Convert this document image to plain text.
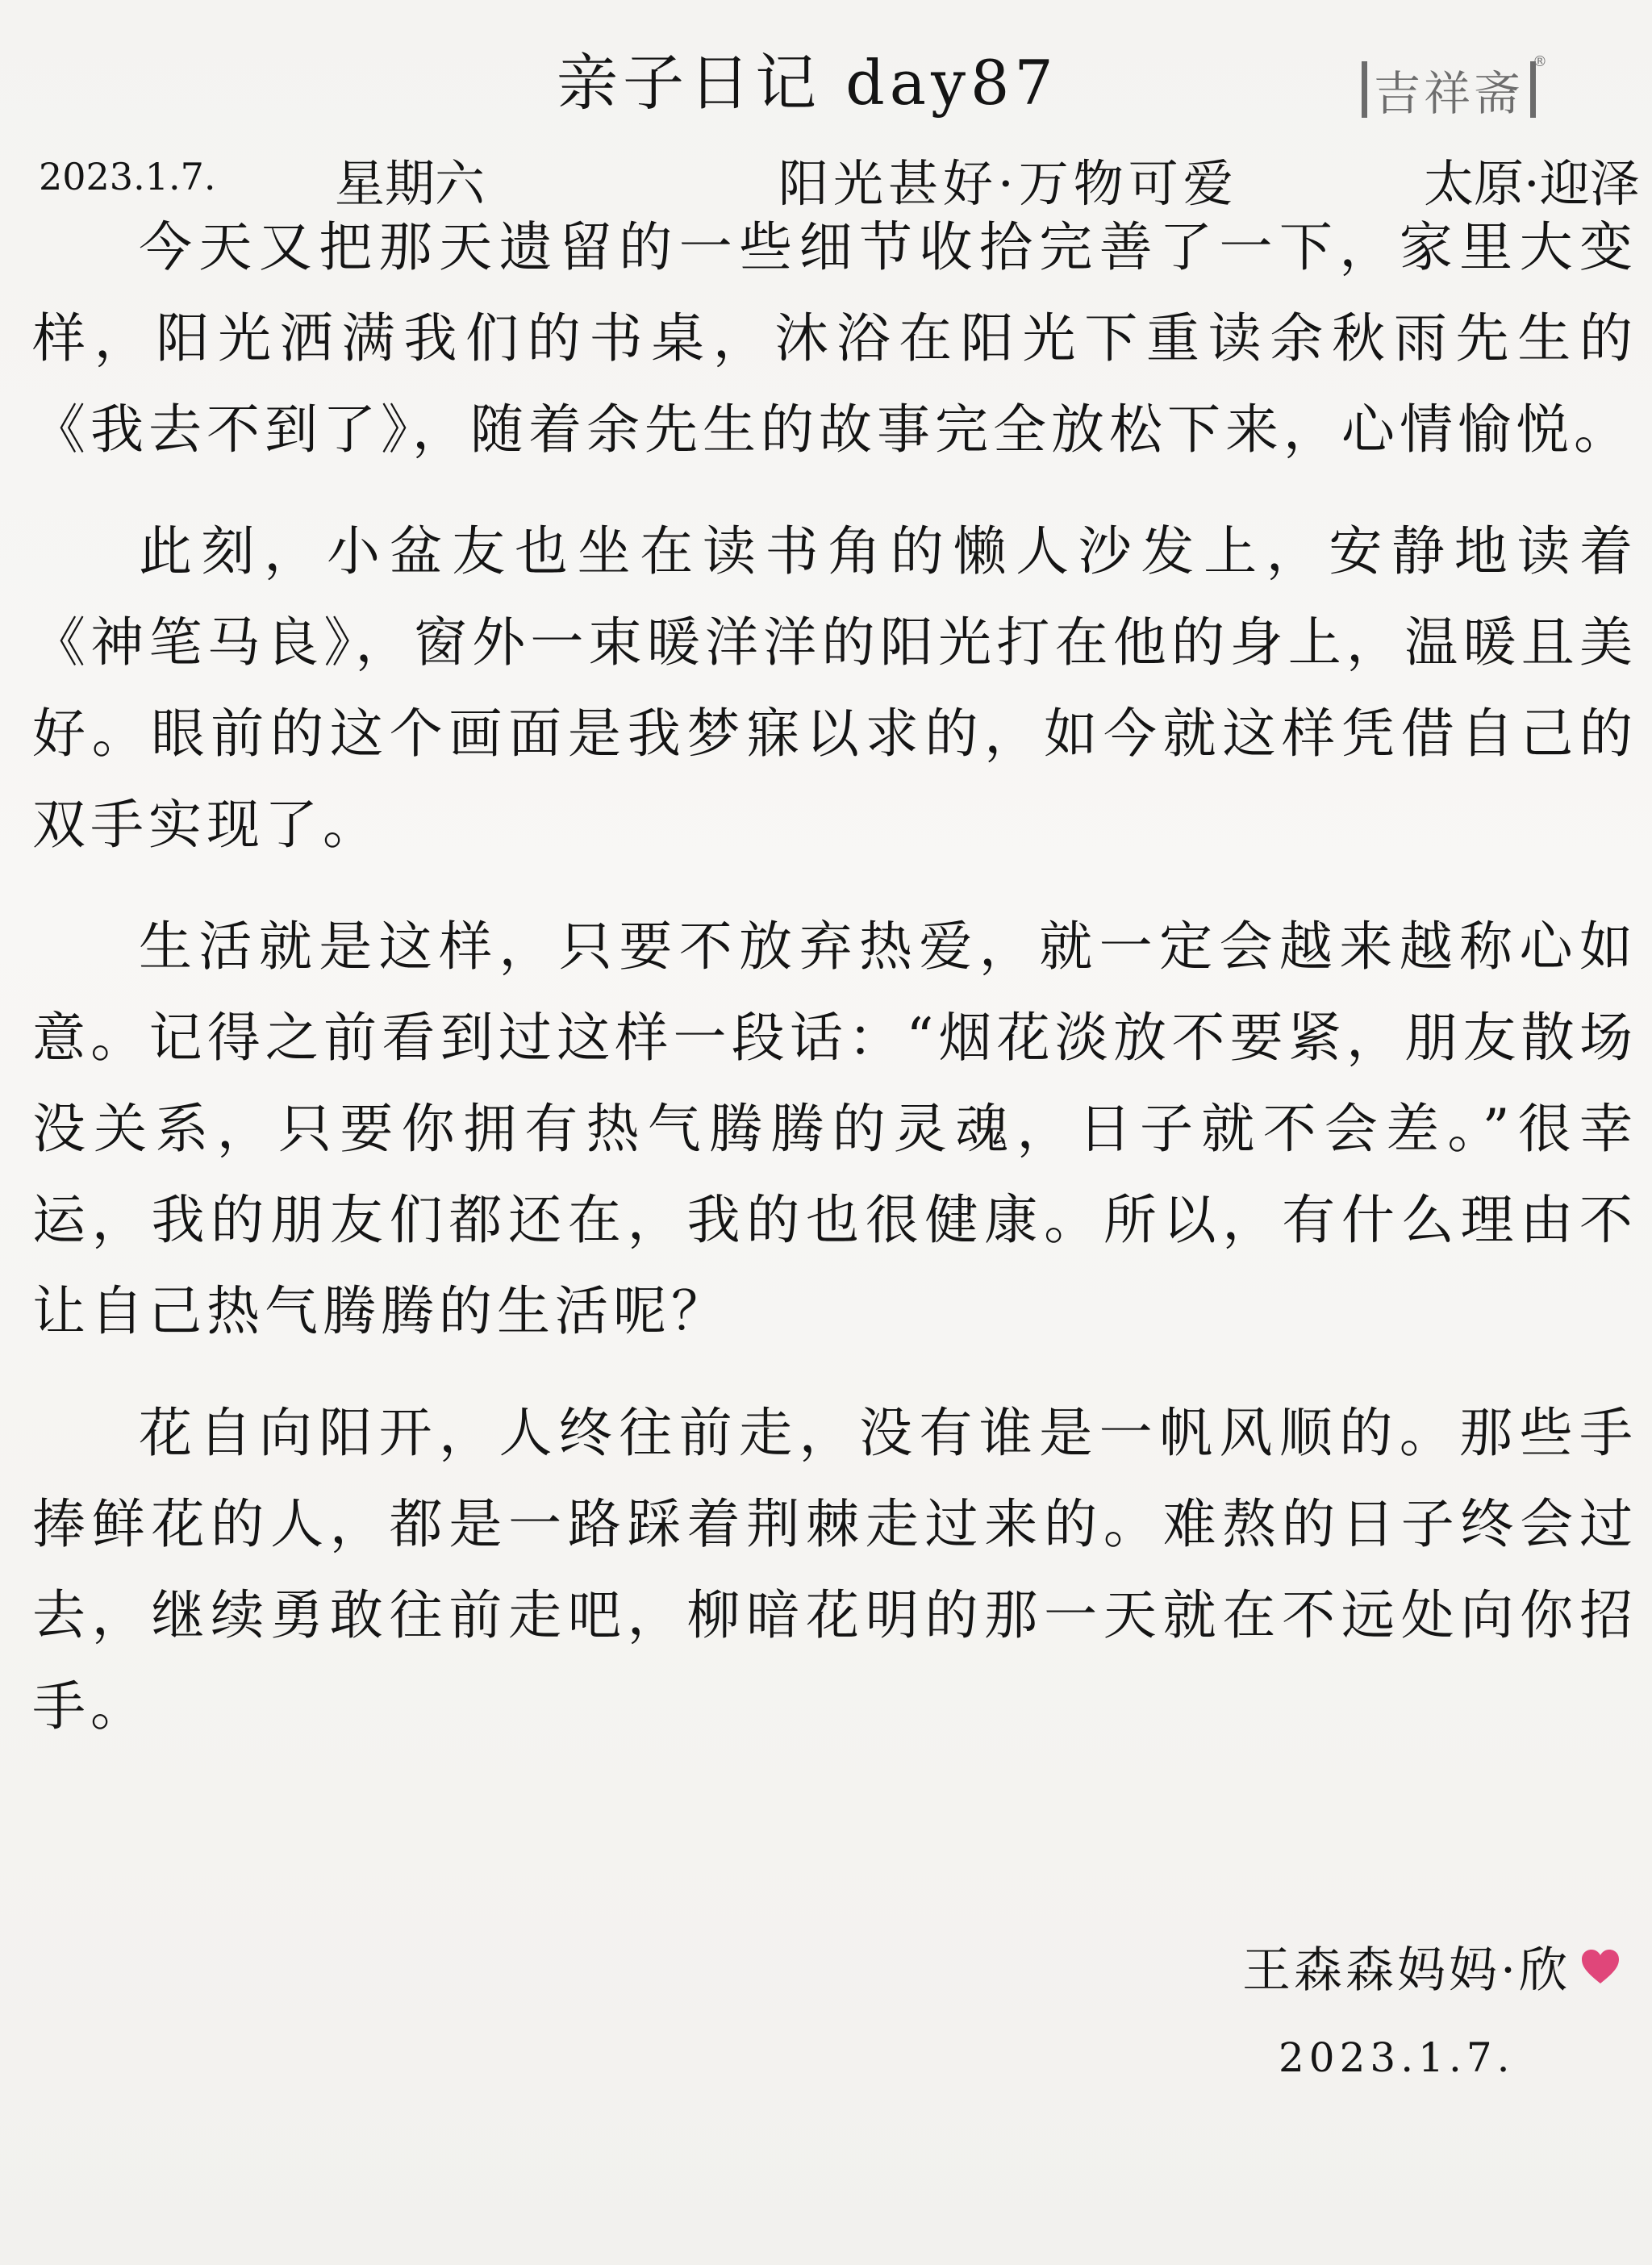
吉祥斋
®
亲子日记 day87
2023.1.7. 星期六	阳光甚好·万物可爱	太原·迎泽

今天又把那天遗留的一些细节收拾完善了一下，家里大变样，阳光洒满我们的书桌，沐浴在阳光下重读余秋雨先生的《我去不到了》，随着余先生的故事完全放松下来，心情愉悦。

此刻，小盆友也坐在读书角的懒人沙发上，安静地读着《神笔马良》，窗外一束暖洋洋的阳光打在他的身上，温暖且美好。眼前的这个画面是我梦寐以求的，如今就这样凭借自己的双手实现了。

生活就是这样，只要不放弃热爱，就一定会越来越称心如意。记得之前看到过这样一段话：“烟花淡放不要紧，朋友散场没关系，只要你拥有热气腾腾的灵魂，日子就不会差。”很幸运，我的朋友们都还在，我的也很健康。所以，有什么理由不让自己热气腾腾的生活呢？

花自向阳开，人终往前走，没有谁是一帆风顺的。那些手捧鲜花的人，都是一路踩着荆棘走过来的。难熬的日子终会过去，继续勇敢往前走吧，柳暗花明的那一天就在不远处向你招手。

王森森妈妈·欣
2023.1.7.
